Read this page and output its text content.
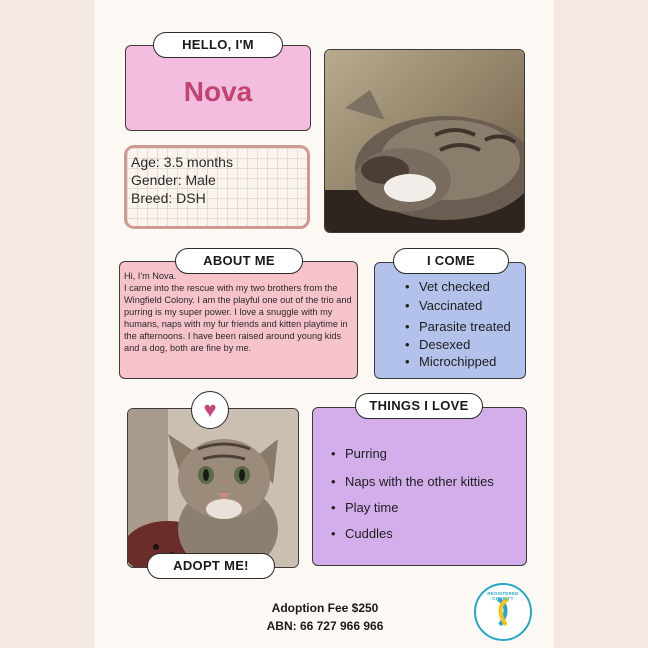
Nova
HELLO, I'M
Age: 3.5 months
Gender: Male
Breed: DSH
Hi, I'm Nova.
I came into the rescue with my two brothers from the Wingfield Colony. I am the playful one out of the trio and purring is my super power. I love a snuggle with my humans, naps with my fur friends and kitten playtime in the afternoons. I have been raised around young kids and a dog, both are fine by me.
ABOUT ME
• Vet checked
• Vaccinated
• Parasite treated
• Desexed
• Microchipped
I COME
♥
ADOPT ME!
• Purring
• Naps with the other kitties
• Play time
• Cuddles
THINGS I LOVE
Adoption Fee $250
ABN: 66 727 966 966
REGISTERED CHARITY
